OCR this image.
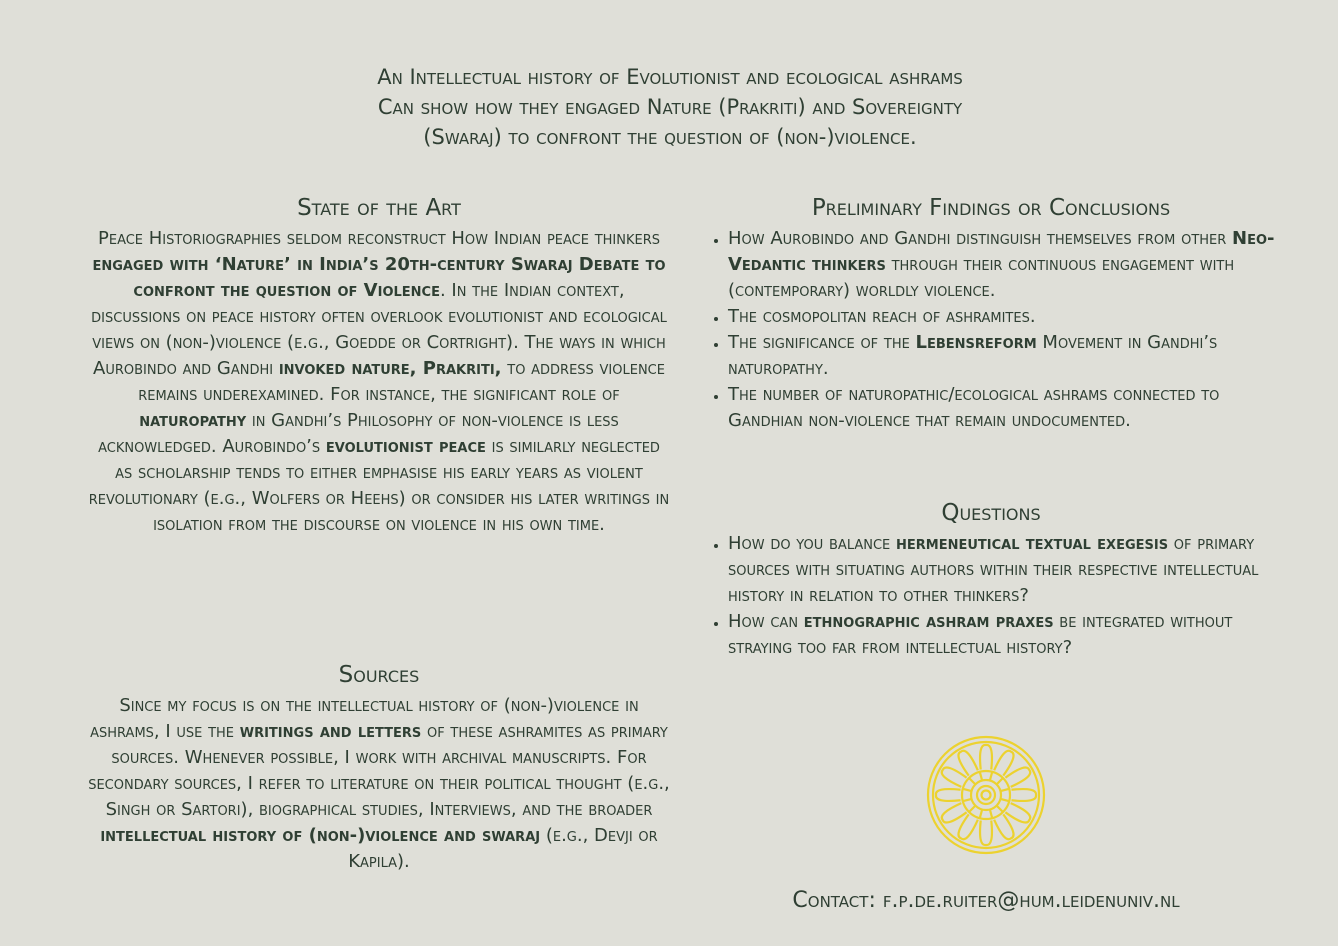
An Intellectual history of Evolutionist and ecological ashrams

Can show how they engaged Nature (Prakriti) and Sovereignty

(Swaraj) to confront the question of (non-)violence.

State of the Art

Peace Historiographies seldom reconstruct How Indian peace thinkers engaged with ‘Nature’ in India’s 20th-century Swaraj Debate to confront the question of Violence. In the Indian context, discussions on peace history often overlook evolutionist and ecological views on (non-)violence (e.g., Goedde or Cortright). The ways in which Aurobindo and Gandhi invoked nature, Prakriti, to address violence remains underexamined. For instance, the significant role of naturopathy in Gandhi’s Philosophy of non-violence is less acknowledged. Aurobindo’s evolutionist peace is similarly neglected as scholarship tends to either emphasise his early years as violent revolutionary (e.g., Wolfers or Heehs) or consider his later writings in isolation from the discourse on violence in his own time.

Sources

Since my focus is on the intellectual history of (non-)violence in ashrams, I use the writings and letters of these ashramites as primary sources. Whenever possible, I work with archival manuscripts. For secondary sources, I refer to literature on their political thought (e.g., Singh or Sartori), biographical studies, Interviews, and the broader intellectual history of (non-)violence and swaraj (e.g., Devji or Kapila).

Preliminary Findings or Conclusions
• How Aurobindo and Gandhi distinguish themselves from other Neo-Vedantic thinkers through their continuous engagement with (contemporary) worldly violence.
• The cosmopolitan reach of ashramites.
• The significance of the Lebensreform Movement in Gandhi’s naturopathy.
• The number of naturopathic/ecological ashrams connected to Gandhian non-violence that remain undocumented.
Questions
• How do you balance hermeneutical textual exegesis of primary sources with situating authors within their respective intellectual history in relation to other thinkers?
• How can ethnographic ashram praxes be integrated without straying too far from intellectual history?
Contact: f.p.de.ruiter@hum.leidenuniv.nl
